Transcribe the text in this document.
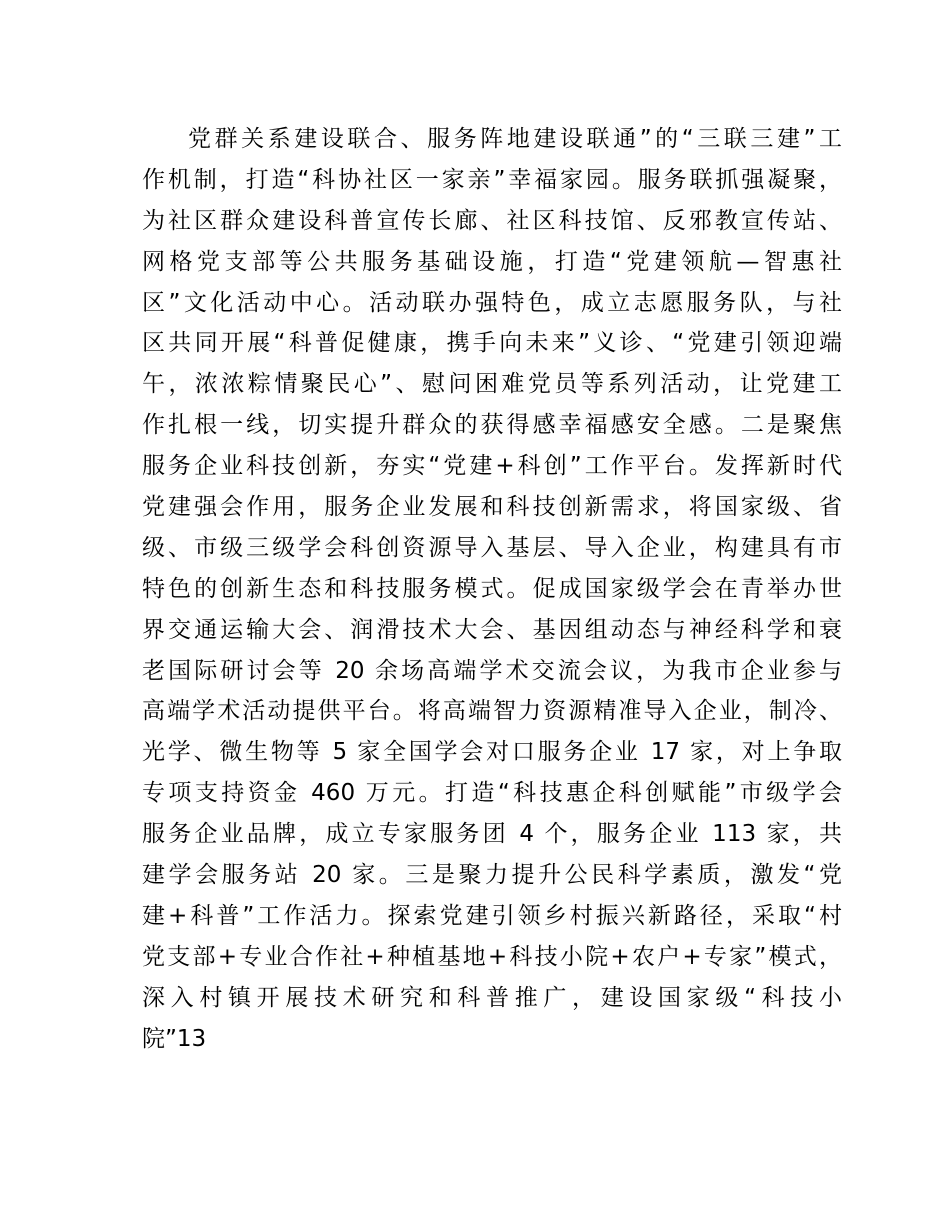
党群关系建设联合、服务阵地建设联通”的“三联三建”工
作机制，打造“科协社区一家亲”幸福家园。服务联抓强凝聚，
为社区群众建设科普宣传长廊、社区科技馆、反邪教宣传站、
网格党支部等公共服务基础设施，打造“党建领航—智惠社
区”文化活动中心。活动联办强特色，成立志愿服务队，与社
区共同开展“科普促健康，携手向未来”义诊、“党建引领迎端
午，浓浓粽情聚民心”、慰问困难党员等系列活动，让党建工
作扎根一线，切实提升群众的获得感幸福感安全感。二是聚焦
服务企业科技创新，夯实“党建+科创”工作平台。发挥新时代
党建强会作用，服务企业发展和科技创新需求，将国家级、省
级、市级三级学会科创资源导入基层、导入企业，构建具有市
特色的创新生态和科技服务模式。促成国家级学会在青举办世
界交通运输大会、润滑技术大会、基因组动态与神经科学和衰
老国际研讨会等 20 余场高端学术交流会议，为我市企业参与
高端学术活动提供平台。将高端智力资源精准导入企业，制冷、
光学、微生物等 5 家全国学会对口服务企业 17 家，对上争取
专项支持资金 460 万元。打造“科技惠企科创赋能”市级学会
服务企业品牌，成立专家服务团 4 个，服务企业 113 家，共
建学会服务站 20 家。三是聚力提升公民科学素质，激发“党
建+科普”工作活力。探索党建引领乡村振兴新路径，采取“村
党支部+专业合作社+种植基地+科技小院+农户+专家”模式，
深入村镇开展技术研究和科普推广，建设国家级“科技小
院”13
